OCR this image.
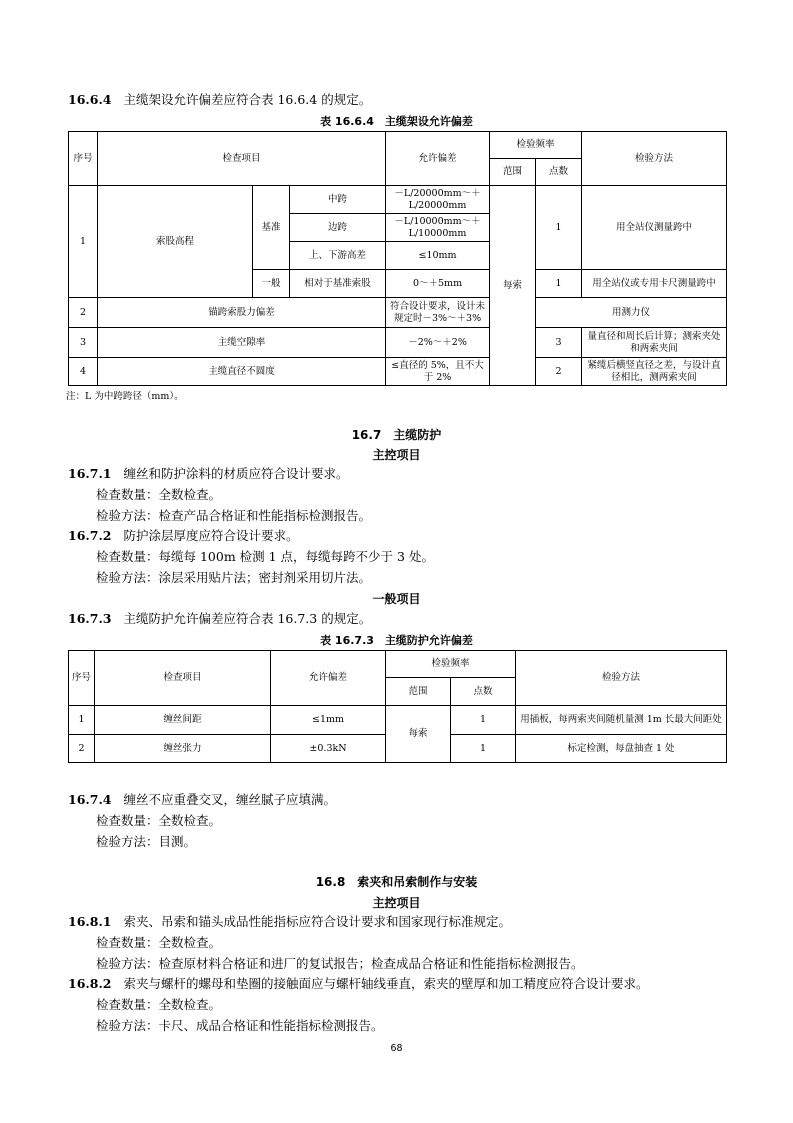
16.6.4 主缆架设允许偏差应符合表 16.6.4 的规定。
表 16.6.4　主缆架设允许偏差
序号	检查项目			允许偏差	检验频率		检验方法
					范围	点数	
1	索股高程	基准	中跨	－L/20000mm～＋L/20000mm	每索	1	用全站仪测量跨中
			边跨	－L/10000mm～＋L/10000mm			
			上、下游高差	≤10mm			
		一般	相对于基准索股	0～＋5mm		1	用全站仪或专用卡尺测量跨中
2	锚跨索股力偏差			符合设计要求，设计未规定时－3%～＋3%		用测力仪
3	主缆空隙率			－2%～＋2%		3	量直径和周长后计算；测索夹处和两索夹间
4	主缆直径不圆度			≤直径的 5%，且不大于 2%		2	紧缆后横竖直径之差，与设计直径相比，测两索夹间
注：L 为中跨跨径（mm）。
16.7　主缆防护
主控项目
16.7.1 缠丝和防护涂料的材质应符合设计要求。
检查数量：全数检查。
检验方法：检查产品合格证和性能指标检测报告。
16.7.2 防护涂层厚度应符合设计要求。
检查数量：每缆每 100m 检测 1 点，每缆每跨不少于 3 处。
检验方法：涂层采用贴片法；密封剂采用切片法。
一般项目
16.7.3 主缆防护允许偏差应符合表 16.7.3 的规定。
表 16.7.3　主缆防护允许偏差
序号	检查项目	允许偏差	检验频率		检验方法
			范围	点数	
1	缠丝间距	≤1mm	每索	1	用插板，每两索夹间随机量测 1m 长最大间距处
2	缠丝张力	±0.3kN		1	标定检测，每盘抽查 1 处
16.7.4 缠丝不应重叠交叉，缠丝腻子应填满。
检查数量：全数检查。
检验方法：目测。
16.8　索夹和吊索制作与安装
主控项目
16.8.1 索夹、吊索和锚头成品性能指标应符合设计要求和国家现行标准规定。
检查数量：全数检查。
检验方法：检查原材料合格证和进厂的复试报告；检查成品合格证和性能指标检测报告。
16.8.2 索夹与螺杆的螺母和垫圈的接触面应与螺杆轴线垂直，索夹的壁厚和加工精度应符合设计要求。
检查数量：全数检查。
检验方法：卡尺、成品合格证和性能指标检测报告。
68
